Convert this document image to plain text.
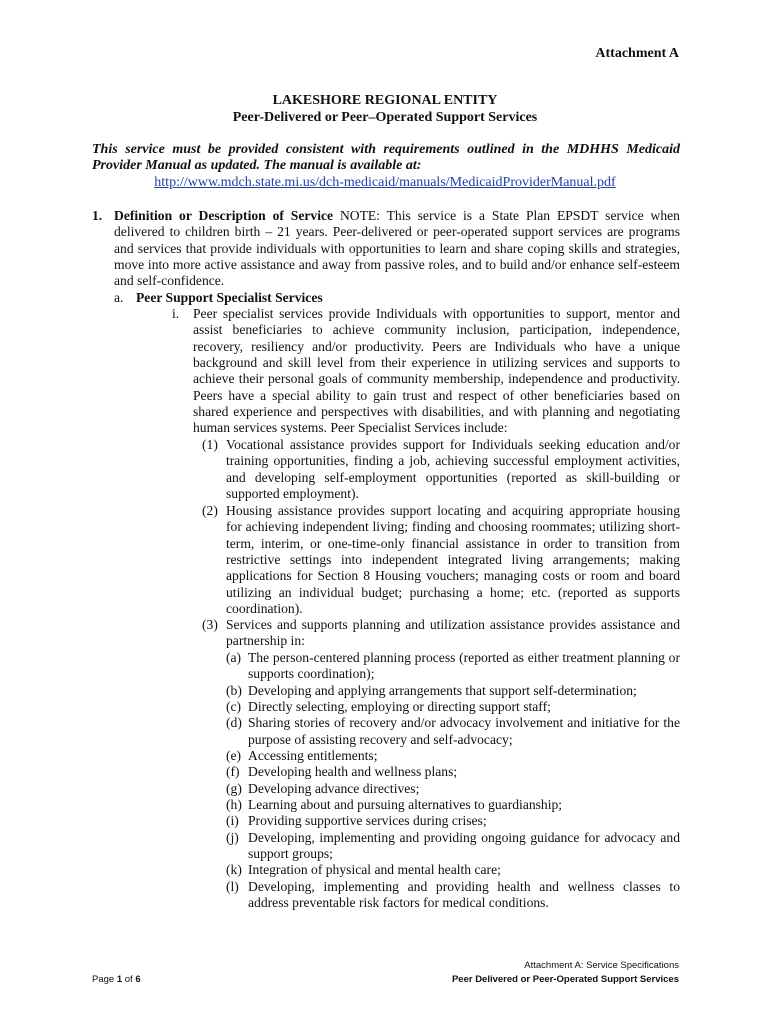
Attachment A
LAKESHORE REGIONAL ENTITY
Peer-Delivered or Peer–Operated Support Services
This service must be provided consistent with requirements outlined in the MDHHS Medicaid Provider Manual as updated. The manual is available at:
http://www.mdch.state.mi.us/dch-medicaid/manuals/MedicaidProviderManual.pdf
1. Definition or Description of Service NOTE: This service is a State Plan EPSDT service when delivered to children birth – 21 years. Peer-delivered or peer-operated support services are programs and services that provide individuals with opportunities to learn and share coping skills and strategies, move into more active assistance and away from passive roles, and to build and/or enhance self-esteem and self-confidence.
a. Peer Support Specialist Services
i. Peer specialist services provide Individuals with opportunities to support, mentor and assist beneficiaries to achieve community inclusion, participation, independence, recovery, resiliency and/or productivity. Peers are Individuals who have a unique background and skill level from their experience in utilizing services and supports to achieve their personal goals of community membership, independence and productivity. Peers have a special ability to gain trust and respect of other beneficiaries based on shared experience and perspectives with disabilities, and with planning and negotiating human services systems. Peer Specialist Services include:
(1) Vocational assistance provides support for Individuals seeking education and/or training opportunities, finding a job, achieving successful employment activities, and developing self-employment opportunities (reported as skill-building or supported employment).
(2) Housing assistance provides support locating and acquiring appropriate housing for achieving independent living; finding and choosing roommates; utilizing short-term, interim, or one-time-only financial assistance in order to transition from restrictive settings into independent integrated living arrangements; making applications for Section 8 Housing vouchers; managing costs or room and board utilizing an individual budget; purchasing a home; etc. (reported as supports coordination).
(3) Services and supports planning and utilization assistance provides assistance and partnership in:
(a) The person-centered planning process (reported as either treatment planning or supports coordination);
(b) Developing and applying arrangements that support self-determination;
(c) Directly selecting, employing or directing support staff;
(d) Sharing stories of recovery and/or advocacy involvement and initiative for the purpose of assisting recovery and self-advocacy;
(e) Accessing entitlements;
(f) Developing health and wellness plans;
(g) Developing advance directives;
(h) Learning about and pursuing alternatives to guardianship;
(i) Providing supportive services during crises;
(j) Developing, implementing and providing ongoing guidance for advocacy and support groups;
(k) Integration of physical and mental health care;
(l) Developing, implementing and providing health and wellness classes to address preventable risk factors for medical conditions.
Page 1 of 6
Attachment A: Service Specifications
Peer Delivered or Peer-Operated Support Services
